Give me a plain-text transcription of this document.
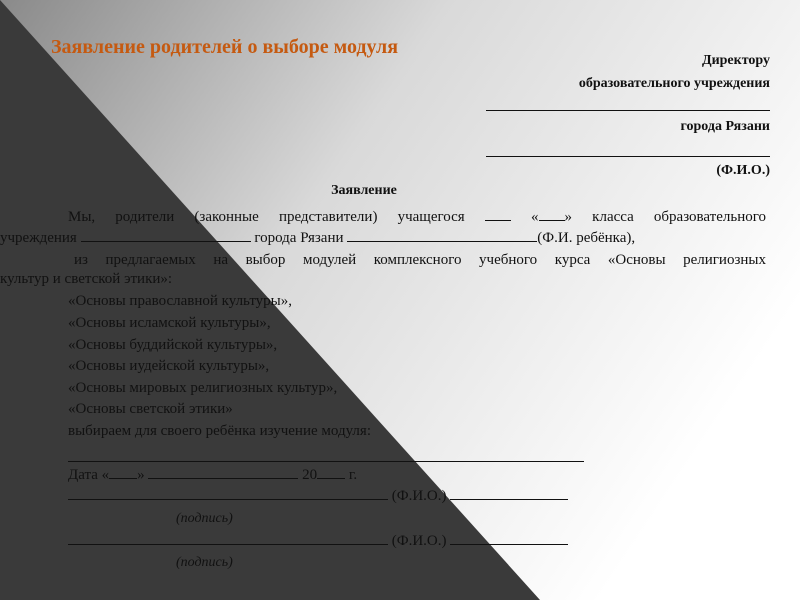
Заявление родителей о выборе модуля
Директору
образовательного учреждения
города Рязани
(Ф.И.О.)
Заявление
Мы, родители (законные представители) учащегося	« » класса образовательного
учреждения	города Рязани	(Ф.И. ребёнка),
из предлагаемых на выбор модулей комплексного учебного курса «Основы религиозных
культур и светской этики»:
«Основы православной культуры»,
«Основы исламской культуры»,
«Основы буддийской культуры»,
«Основы иудейской культуры»,
«Основы мировых религиозных культур»,
«Основы светской этики»
выбираем для своего ребёнка изучение модуля:
Дата « »	20 г.
(Ф.И.О.)
(подпись)
(Ф.И.О.)
(подпись)
